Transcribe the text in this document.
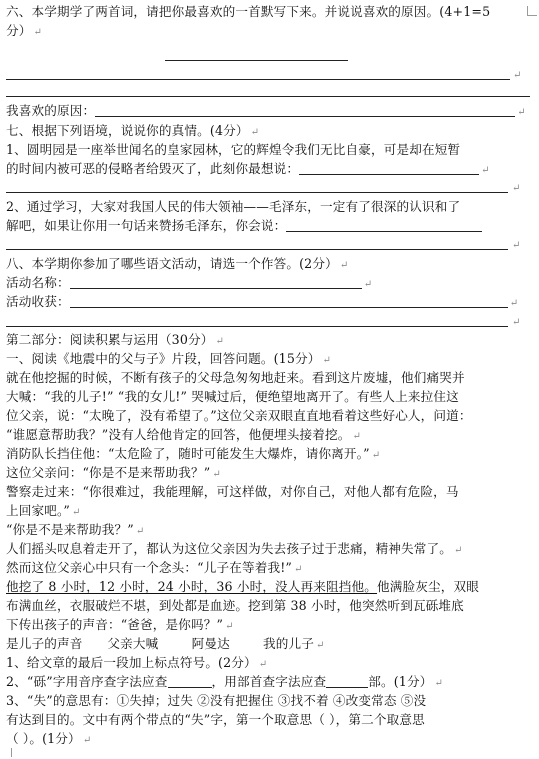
六、本学期学了两首词，请把你最喜欢的一首默写下来。并说说喜欢的原因。(4+1=5
分） ↵
↵
我喜欢的原因：	↵
七、根据下列语境，说说你的真情。(4分） ↵
1、圆明园是一座举世闻名的皇家园林，它的辉煌令我们无比自豪，可是却在短暂
的时间内被可恶的侵略者给毁灭了，此刻你最想说：	↵
↵
2、通过学习，大家对我国人民的伟大领袖——毛泽东，一定有了很深的认识和了
解吧，如果让你用一句话来赞扬毛泽东，你会说：
↵
八、本学期你参加了哪些语文活动，请选一个作答。(2分） ↵
活动名称：	↵
活动收获：	↵
↵
第二部分：阅读积累与运用（30分） ↵
一、阅读《地震中的父与子》片段，回答问题。(15分） ↵
就在他挖掘的时候，不断有孩子的父母急匆匆地赶来。看到这片废墟，他们痛哭并
大喊：“我的儿子!” “我的女儿!” 哭喊过后，便绝望地离开了。有些人上来拉住这
位父亲，说：“太晚了，没有希望了。”这位父亲双眼直直地看着这些好心人，问道：
“谁愿意帮助我？”没有人给他肯定的回答，他便埋头接着挖。 ↵
消防队长挡住他：“太危险了，随时可能发生大爆炸，请你离开。” ↵
这位父亲问：“你是不是来帮助我？” ↵
警察走过来：“你很难过，我能理解，可这样做，对你自己，对他人都有危险，马
上回家吧。” ↵
“你是不是来帮助我？” ↵
人们摇头叹息着走开了，都认为这位父亲因为失去孩子过于悲痛，精神失常了。 ↵
然而这位父亲心中只有一个念头：“儿子在等着我!” ↵
他挖了 8 小时，12 小时，24 小时，36 小时，没人再来阻挡他。他满脸灰尘，双眼
布满血丝，衣服破烂不堪，到处都是血迹。挖到第 38 小时，他突然听到瓦砾堆底
下传出孩子的声音：“爸爸，是你吗？” ↵
是儿子的声音      父亲大喊        阿曼达        我的儿子 ↵
1、给文章的最后一段加上标点符号。(2分） ↵
2、“砾”字用音序查字法应查	，用部首查字法应查	部。(1分） ↵
3、“失”的意思有：①失掉；过失 ②没有把握住 ③找不着 ④改变常态 ⑤没
有达到目的。文中有两个带点的“失”字，第一个取意思（ ），第二个取意思
（ ）。(1分） ↵
